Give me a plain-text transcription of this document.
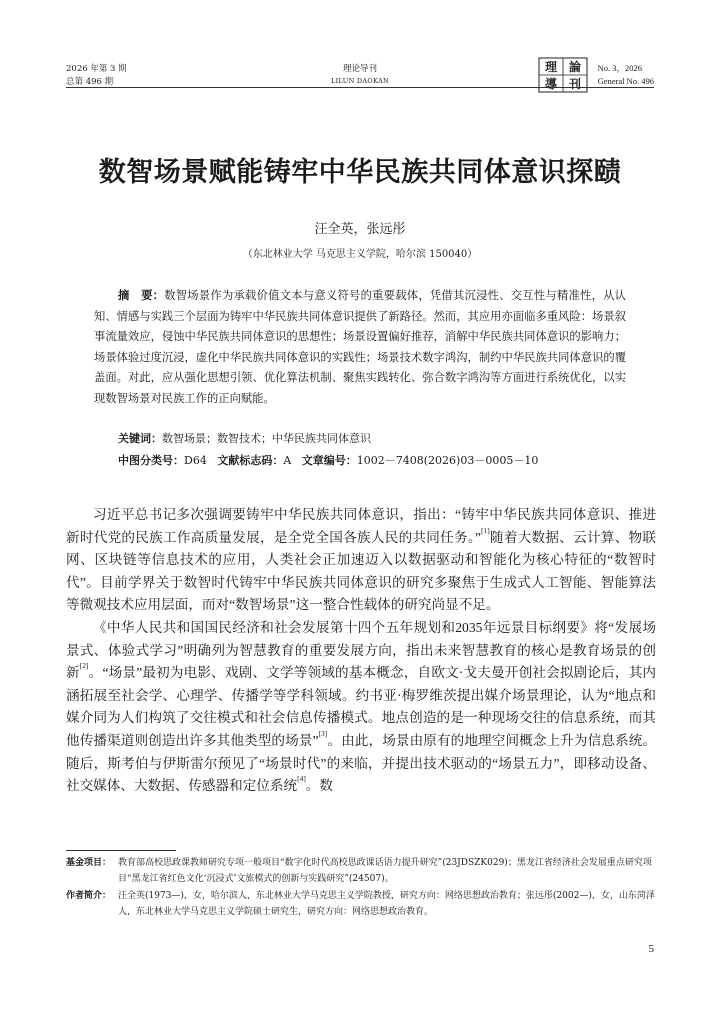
2026 年第 3 期
总第 496 期
理论导刊
LILUN DAOKAN
理 論
導 刊
No. 3，2026
General No. 496
数智场景赋能铸牢中华民族共同体意识探赜
汪全英，张远彤
（东北林业大学 马克思主义学院，哈尔滨 150040）
摘　要：数智场景作为承载价值文本与意义符号的重要载体，凭借其沉浸性、交互性与精准性，从认知、情感与实践三个层面为铸牢中华民族共同体意识提供了新路径。然而，其应用亦面临多重风险：场景叙事流量效应，侵蚀中华民族共同体意识的思想性；场景设置偏好推荐，消解中华民族共同体意识的影响力；场景体验过度沉浸，虚化中华民族共同体意识的实践性；场景技术数字鸿沟，制约中华民族共同体意识的覆盖面。对此，应从强化思想引领、优化算法机制、聚焦实践转化、弥合数字鸿沟等方面进行系统优化，以实现数智场景对民族工作的正向赋能。
关键词：数智场景；数智技术；中华民族共同体意识
中图分类号：D64 文献标志码：A 文章编号：1002－7408(2026)03－0005－10

习近平总书记多次强调要铸牢中华民族共同体意识，指出：“铸牢中华民族共同体意识、推进新时代党的民族工作高质量发展，是全党全国各族人民的共同任务。”[1]随着大数据、云计算、物联网、区块链等信息技术的应用，人类社会正加速迈入以数据驱动和智能化为核心特征的“数智时代”。目前学界关于数智时代铸牢中华民族共同体意识的研究多聚焦于生成式人工智能、智能算法等微观技术应用层面，而对“数智场景”这一整合性载体的研究尚显不足。

《中华人民共和国国民经济和社会发展第十四个五年规划和2035年远景目标纲要》将“发展场景式、体验式学习”明确列为智慧教育的重要发展方向，指出未来智慧教育的核心是教育场景的创新[2]。“场景”最初为电影、戏剧、文学等领域的基本概念，自欧文·戈夫曼开创社会拟剧论后，其内涵拓展至社会学、心理学、传播学等学科领域。约书亚·梅罗维茨提出媒介场景理论，认为“地点和媒介同为人们构筑了交往模式和社会信息传播模式。地点创造的是一种现场交往的信息系统，而其他传播渠道则创造出许多其他类型的场景”[3]。由此，场景由原有的地理空间概念上升为信息系统。随后，斯考伯与伊斯雷尔预见了“场景时代”的来临，并提出技术驱动的“场景五力”，即移动设备、社交媒体、大数据、传感器和定位系统[4]。数

基金项目： 教育部高校思政课教师研究专项一般项目“数字化时代高校思政课话语力提升研究”(23JDSZK029)；黑龙江省经济社会发展重点研究项目“黑龙江省红色文化‘沉浸式’文旅模式的创新与实践研究”(24507)。
作者简介： 汪全英(1973—)，女，哈尔滨人，东北林业大学马克思主义学院教授，研究方向：网络思想政治教育；张远彤(2002—)，女，山东菏泽人，东北林业大学马克思主义学院硕士研究生，研究方向：网络思想政治教育。
5
